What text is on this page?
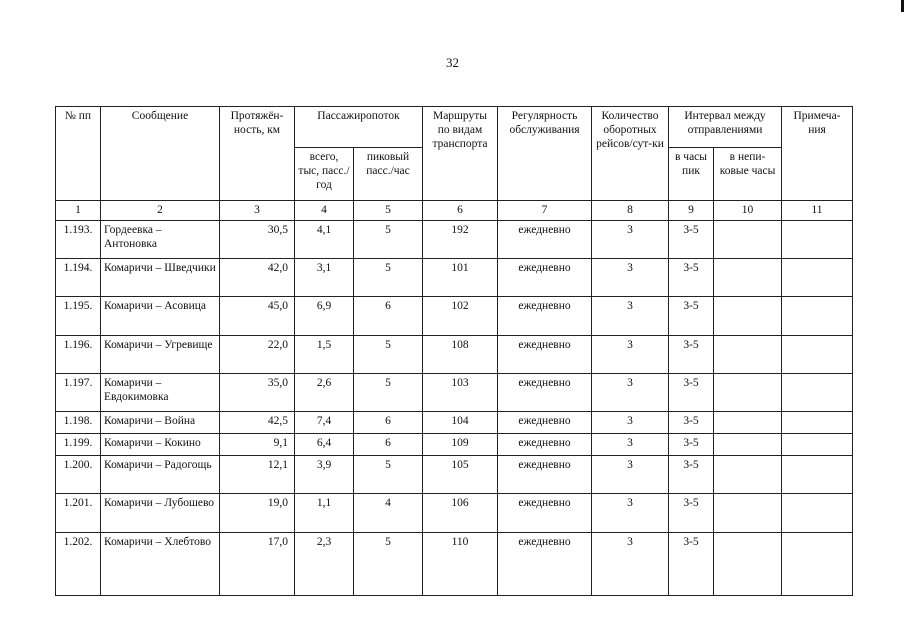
32
№ пп	Сообщение	Протяжён-ность, км	Пассажиропоток		Маршруты по видам транспорта	Регулярность обслуживания	Количество оборотных рейсов/сут-ки	Интервал между отправлениями		Примеча-ния
			всего, тыс, пасс./год	пиковый пасс./час				в часы пик	в непи-ковые часы	
1	2	3	4	5	6	7	8	9	10	11
1.193.	Гордеевка – Антоновка	30,5	4,1	5	192	ежедневно	3	3-5		
1.194.	Комаричи – Шведчики	42,0	3,1	5	101	ежедневно	3	3-5		
1.195.	Комаричи – Асовица	45,0	6,9	6	102	ежедневно	3	3-5		
1.196.	Комаричи – Угревище	22,0	1,5	5	108	ежедневно	3	3-5		
1.197.	Комаричи – Евдокимовка	35,0	2,6	5	103	ежедневно	3	3-5		
1.198.	Комаричи – Война	42,5	7,4	6	104	ежедневно	3	3-5		
1.199.	Комаричи – Кокино	9,1	6,4	6	109	ежедневно	3	3-5		
1.200.	Комаричи – Радогощь	12,1	3,9	5	105	ежедневно	3	3-5		
1.201.	Комаричи – Лубошево	19,0	1,1	4	106	ежедневно	3	3-5		
1.202.	Комаричи – Хлебтово	17,0	2,3	5	110	ежедневно	3	3-5		
